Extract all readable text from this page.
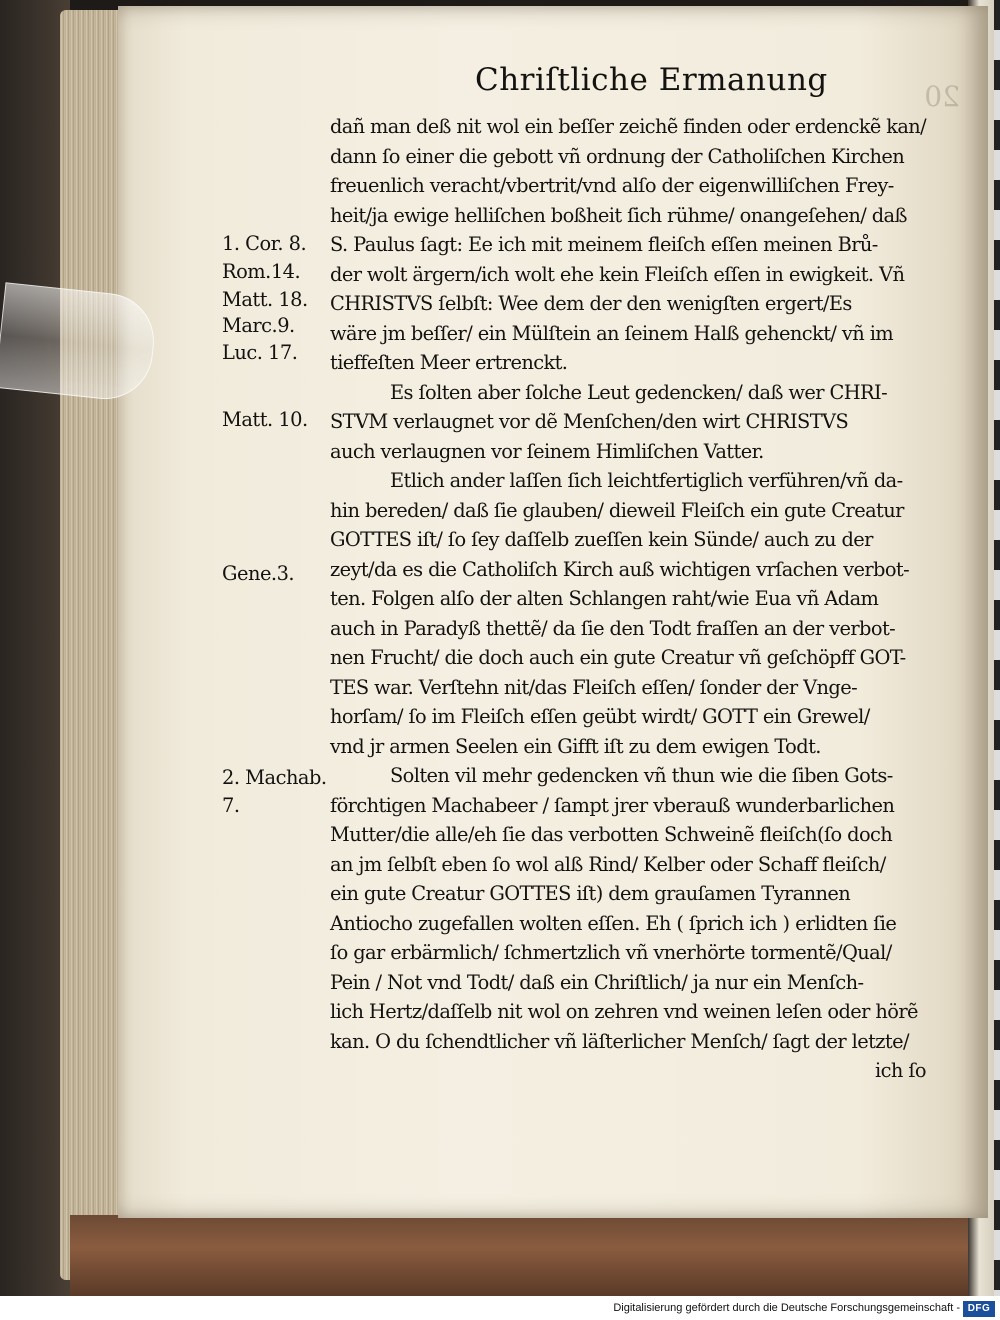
20
Chriſtliche Ermanung
dañ man deß nit wol ein beſſer zeichẽ finden oder erdenckẽ kan/
dann ſo einer die gebott vñ ordnung der Catholiſchen Kirchen
freuenlich veracht/vbertrit/vnd alſo der eigenwilliſchen Frey-
heit/ja ewige helliſchen boßheit ſich rühme/ onangeſehen/ daß
S. Paulus ſagt: Ee ich mit meinem fleiſch eſſen meinen Brů-
der wolt ärgern/ich wolt ehe kein Fleiſch eſſen in ewigkeit. Vñ
CHRISTVS ſelbſt: Wee dem der den wenigſten ergert/Es
wäre jm beſſer/ ein Mülſtein an ſeinem Halß gehenckt/ vñ im
tieffeſten Meer ertrenckt.
Es ſolten aber ſolche Leut gedencken/ daß wer CHRI-
STVM verlaugnet vor dẽ Menſchen/den wirt CHRISTVS
auch verlaugnen vor ſeinem Himliſchen Vatter.
Etlich ander laſſen ſich leichtfertiglich verführen/vñ da-
hin bereden/ daß ſie glauben/ dieweil Fleiſch ein gute Creatur
GOTTES iſt/ ſo ſey daſſelb zueſſen kein Sünde/ auch zu der
zeyt/da es die Catholiſch Kirch auß wichtigen vrſachen verbot-
ten. Folgen alſo der alten Schlangen raht/wie Eua vñ Adam
auch in Paradyß thettẽ/ da ſie den Todt fraſſen an der verbot-
nen Frucht/ die doch auch ein gute Creatur vñ geſchöpff GOT-
TES war. Verſtehn nit/das Fleiſch eſſen/ ſonder der Vnge-
horſam/ ſo im Fleiſch eſſen geübt wirdt/ GOTT ein Grewel/
vnd jr armen Seelen ein Gifft iſt zu dem ewigen Todt.
Solten vil mehr gedencken vñ thun wie die ſiben Gots-
förchtigen Machabeer / ſampt jrer vberauß wunderbarlichen
Mutter/die alle/eh ſie das verbotten Schweinẽ fleiſch(ſo doch
an jm ſelbſt eben ſo wol alß Rind/ Kelber oder Schaff fleiſch/
ein gute Creatur GOTTES iſt) dem grauſamen Tyrannen
Antiocho zugefallen wolten eſſen. Eh ( ſprich ich ) erlidten ſie
ſo gar erbärmlich/ ſchmertzlich vñ vnerhörte tormentẽ/Qual/
Pein / Not vnd Todt/ daß ein Chriſtlich/ ja nur ein Menſch-
lich Hertz/daſſelb nit wol on zehren vnd weinen leſen oder hörẽ
kan. O du ſchendtlicher vñ läſterlicher Menſch/ ſagt der letzte/
ich ſo
1. Cor. 8.
Rom.14.
Matt. 18.
Marc.9.
Luc. 17.
Matt. 10.
Gene.3.
2. Machab.
7.
Digitalisierung gefördert durch die Deutsche Forschungsgemeinschaft - DFG
